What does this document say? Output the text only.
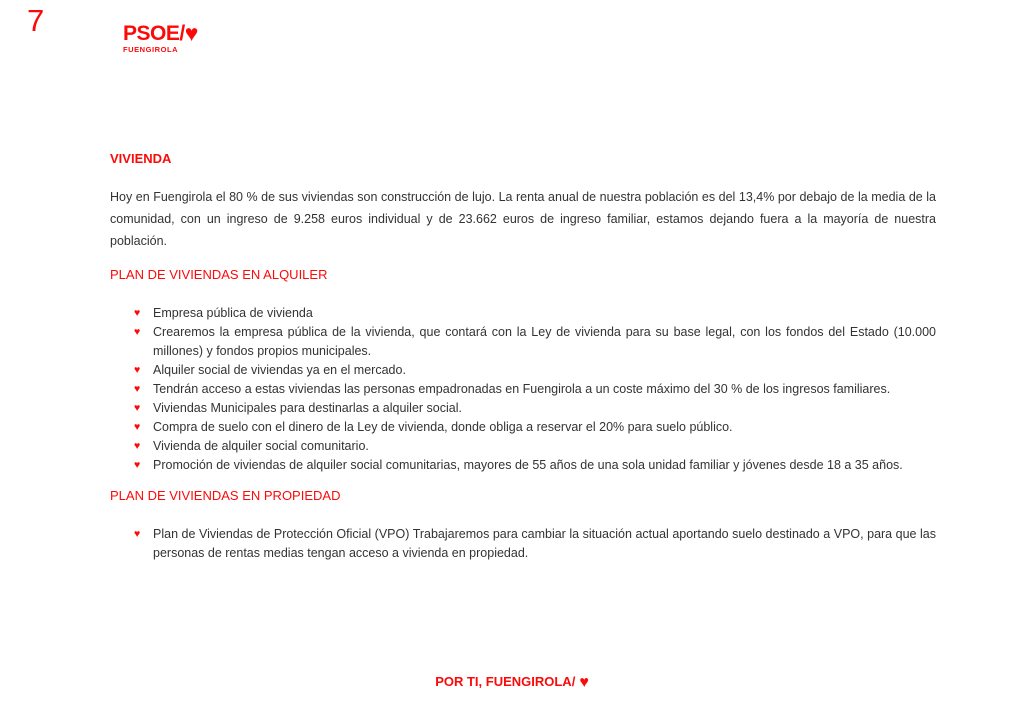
7	PSOE/ ♥
FUENGIROLA
VIVIENDA

Hoy en Fuengirola el 80 % de sus viviendas son construcción de lujo. La renta anual de nuestra población es del 13,4% por debajo de la media de la comunidad, con un ingreso de 9.258 euros individual y de 23.662 euros de ingreso familiar, estamos dejando fuera a la mayoría de nuestra población.

PLAN DE VIVIENDAS EN ALQUILER
♥	Empresa pública de vivienda
♥	Crearemos la empresa pública de la vivienda, que contará con la Ley de vivienda para su base legal, con los fondos del Estado (10.000 millones) y fondos propios municipales.
♥	Alquiler social de viviendas ya en el mercado.
♥	Tendrán acceso a estas viviendas las personas empadronadas en Fuengirola a un coste máximo del 30 % de los ingresos familiares.
♥	Viviendas Municipales para destinarlas a alquiler social.
♥	Compra de suelo con el dinero de la Ley de vivienda, donde obliga a reservar el 20% para suelo público.
♥	Vivienda de alquiler social comunitario.
♥	Promoción de viviendas de alquiler social comunitarias, mayores de 55 años de una sola unidad familiar y jóvenes desde 18 a 35 años.
PLAN DE VIVIENDAS EN PROPIEDAD
♥	Plan de Viviendas de Protección Oficial (VPO) Trabajaremos para cambiar la situación actual aportando suelo destinado a VPO, para que las personas de rentas medias tengan acceso a vivienda en propiedad.
POR TI, FUENGIROLA/ ♥
